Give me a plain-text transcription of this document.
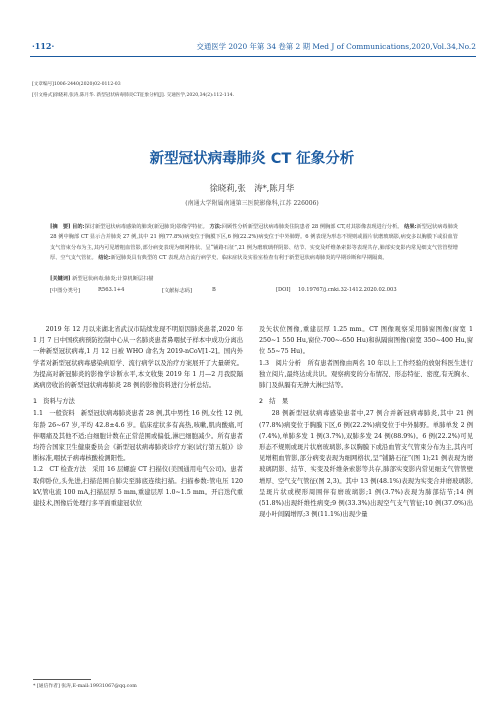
·112·	交通医学 2020 年第 34 卷第 2 期 Med J of Communications,2020,Vol.34,No.2
[文章编号]1006-2440(2020)02-0112-03
[引文格式]徐晓莉,张涛,陈月华. 新型冠状病毒肺炎CT征象分析[J]. 交通医学,2020,34(2):112-114.
新型冠状病毒肺炎 CT 征象分析
徐晓莉,张　涛*,陈月华
(南通大学附属南通第三医院影像科,江苏 226006)
[摘　要] 目的:探讨新型冠状病毒感染的肺炎(新冠肺炎)影像学特征。 方法:回顾性分析新型冠状病毒肺炎住院患者 28 例胸部 CT,对其影像表现进行分析。 结果:新型冠状病毒肺炎 28 例中胸部 CT 显示合并肺炎 27 例,其中 21 例(77.8%)病变位于胸膜下区,6 例(22.2%)病变位于中外肺野。6 例表现为形态不规则或圆片状磨玻璃影,病变多以胸膜下或沿血管支气管束分布为主,其内可见增粗血管影,部分病变表现为细网格状、呈“铺路石征”,21 例为磨玻璃样阴影、结节、实变及纤维条索影等表现共存,肺部实变影内常见细支气管管壁增厚、空气支气管征。 结论:新冠肺炎具有典型的 CT 表现,结合流行病学史、临床症状及实验室检查有利于新型冠状病毒肺炎的早期诊断和早期隔离。
[关键词] 新型冠状病毒;肺炎;计算机断层扫描
[中图分类号]	R563.1+4	[文献标志码]	B	[DOI] 10.19767/j.cnki.32-1412.2020.02.003

2019 年 12 月以来湖北省武汉市陆续发现不明原因肺炎患者,2020 年 1 月 7 日中国疾病预防控制中心从一名肺炎患者鼻咽拭子样本中成功分离出一种新型冠状病毒,1 月 12 日被 WHO 命名为 2019-nCoV[1-2]。国内外学者对新型冠状病毒感染病原学、流行病学以及治疗方案展开了大量研究。为提高对新冠肺炎的影像学诊断水平,本文收集 2019 年 1 月—2 月我院隔离病房收治的新型冠状病毒肺炎 28 例的影像资料进行分析总结。

1　资料与方法

1.1　一般资料　新型冠状病毒肺炎患者 28 例,其中男性 16 例,女性 12 例,年龄 26~67 岁,平均 42.8±4.6 岁。临床症状多有高热,咳嗽,肌肉酸痛,可伴咽痛及其他不适;白细胞计数在正常范围或偏低,淋巴细胞减少。所有患者均符合国家卫生健康委员会《新型冠状病毒肺炎诊疗方案(试行第五版)》诊断标准,咽拭子病毒核酸检测阳性。

1.2　CT 检查方法　采用 16 层螺旋 CT 扫描仪(美国通用电气公司)。患者取仰卧位,头先进,扫描范围自肺尖至肺底连续扫描。扫描参数:管电压 120 kV,管电流 100 mA,扫描层厚 5 mm,重建层厚 1.0~1.5 mm。开启迭代重建技术,图像后处理行多平面重建冠状位

及矢状位图像,重建层厚 1.25 mm。CT 图像观察采用肺窗图像(窗宽 1 250~1 550 Hu,窗位-700~-650 Hu)和纵隔窗图像(窗宽 350~400 Hu,窗位 55~75 Hu)。

1.3　阅片分析　所有患者图像由两名 10 年以上工作经验的放射科医生进行独立阅片,最终达成共识。观察病变的分布情况、形态特征、密度,有无胸水、肺门及纵膈有无肿大淋巴结等。

2　结　果

28 例新型冠状病毒感染患者中,27 例合并新冠病毒肺炎,其中 21 例(77.8%)病变位于胸膜下区,6 例(22.2%)病变位于中外肺野。单肺单发 2 例(7.4%),单肺多发 1 例(3.7%),双肺多发 24 例(88.9%)。6 例(22.2%)可见形态不规则或斑片状磨玻璃影,多以胸膜下或沿血管支气管束分布为主,其内可见增粗血管影,部分病变表现为细网格状,呈“铺路石征”(图 1);21 例表现为磨玻璃阴影、结节、实变及纤维条索影等共存,肺部实变影内常见细支气管管壁增厚、空气支气管征(图 2,3)。其中 13 例(48.1%)表现为实变合并磨玻璃影,呈斑片状或楔形周围伴有磨玻璃影;1 例(3.7%)表现为肺部结节;14 例(51.8%)出现纤维性病变;9 例(33.3%)出现空气支气管征;10 例(37.0%)出现小叶间隔增厚;3 例(11.1%)出现少量

* [通信作者] 张涛,E-mail:19931067@qq.com
